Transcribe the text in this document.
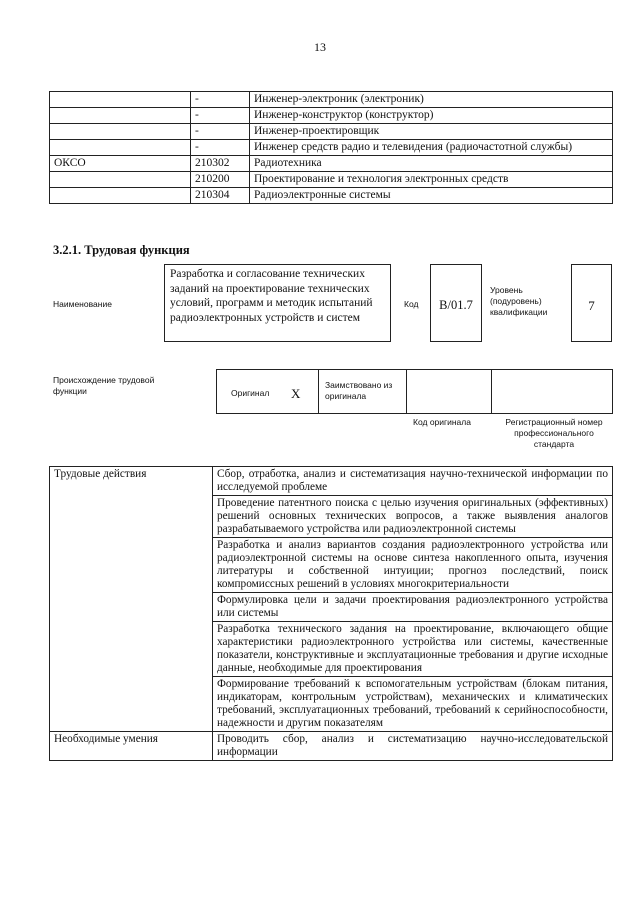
13
	-	Инженер-электроник (электроник)
	-	Инженер-конструктор (конструктор)
	-	Инженер-проектировщик
	-	Инженер средств радио и телевидения (радиочастотной службы)
ОКСО	210302	Радиотехника
	210200	Проектирование и технология электронных средств
	210304	Радиоэлектронные системы
3.2.1. Трудовая функция
Наименование
Разработка и согласование технических заданий на проектирование технических условий, программ и методик испытаний радиоэлектронных устройств и систем
Код	В/01.7
Уровень (подуровень) квалификации	7
Происхождение трудовой функции	Оригинал X
Заимствовано из оригинала
Код оригинала	Регистрационный номер профессионального стандарта
Трудовые действия	Сбор, отработка, анализ и систематизация научно-технической информации по исследуемой проблеме
	Проведение патентного поиска с целью изучения оригинальных (эффективных) решений основных технических вопросов, а также выявления аналогов разрабатываемого устройства или радиоэлектронной системы
	Разработка и анализ вариантов создания радиоэлектронного устройства или радиоэлектронной системы на основе синтеза накопленного опыта, изучения литературы и собственной интуиции; прогноз последствий, поиск компромиссных решений в условиях многокритериальности
	Формулировка цели и задачи проектирования радиоэлектронного устройства или системы
	Разработка технического задания на проектирование, включающего общие характеристики радиоэлектронного устройства или системы, качественные показатели, конструктивные и эксплуатационные требования и другие исходные данные, необходимые для проектирования
	Формирование требований к вспомогательным устройствам (блокам питания, индикаторам, контрольным устройствам), механических и климатических требований, эксплуатационных требований, требований к серийноспособности, надежности и другим показателям
Необходимые умения	Проводить сбор, анализ и систематизацию научно-исследовательской информации
